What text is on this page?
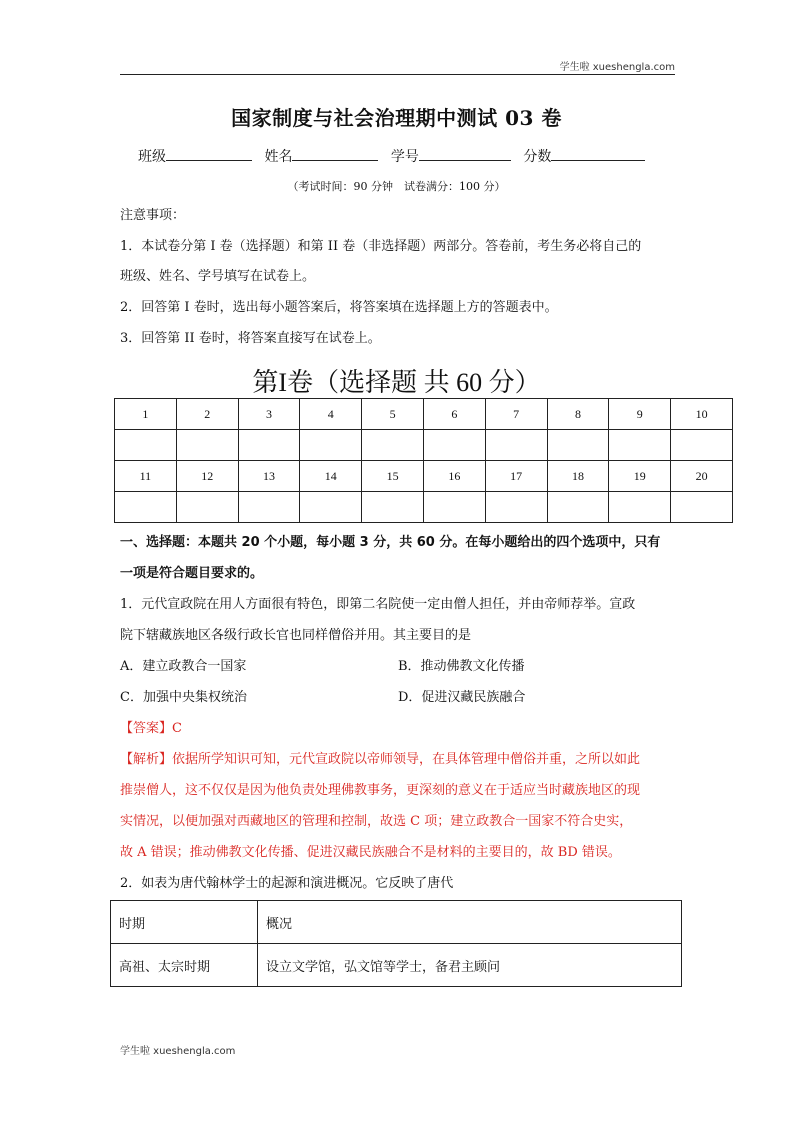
学生啦 xueshengla.com
国家制度与社会治理期中测试 03 卷
班级	姓名	学号	分数
（考试时间：90 分钟　试卷满分：100 分）
注意事项：
1．本试卷分第 I 卷（选择题）和第 II 卷（非选择题）两部分。答卷前，考生务必将自己的
班级、姓名、学号填写在试卷上。
2．回答第 I 卷时，选出每小题答案后，将答案填在选择题上方的答题表中。
3．回答第 II 卷时，将答案直接写在试卷上。
第I卷（选择题 共 60 分）
1	2	3	4	5	6	7	8	9	10

11	12	13	14	15	16	17	18	19	20

一、选择题：本题共 20 个小题，每小题 3 分，共 60 分。在每小题给出的四个选项中，只有
一项是符合题目要求的。
1．元代宣政院在用人方面很有特色，即第二名院使一定由僧人担任，并由帝师荐举。宣政
院下辖藏族地区各级行政长官也同样僧俗并用。其主要目的是
A．建立政教合一国家	B．推动佛教文化传播
C．加强中央集权统治	D．促进汉藏民族融合
【答案】C
【解析】依据所学知识可知，元代宣政院以帝师领导，在具体管理中僧俗并重，之所以如此
推崇僧人，这不仅仅是因为他负责处理佛教事务，更深刻的意义在于适应当时藏族地区的现
实情况，以便加强对西藏地区的管理和控制，故选 C 项；建立政教合一国家不符合史实，
故 A 错误；推动佛教文化传播、促进汉藏民族融合不是材料的主要目的，故 BD 错误。
2．如表为唐代翰林学士的起源和演进概况。它反映了唐代
时期	概况
高祖、太宗时期	设立文学馆，弘文馆等学士，备君主顾问
学生啦 xueshengla.com
